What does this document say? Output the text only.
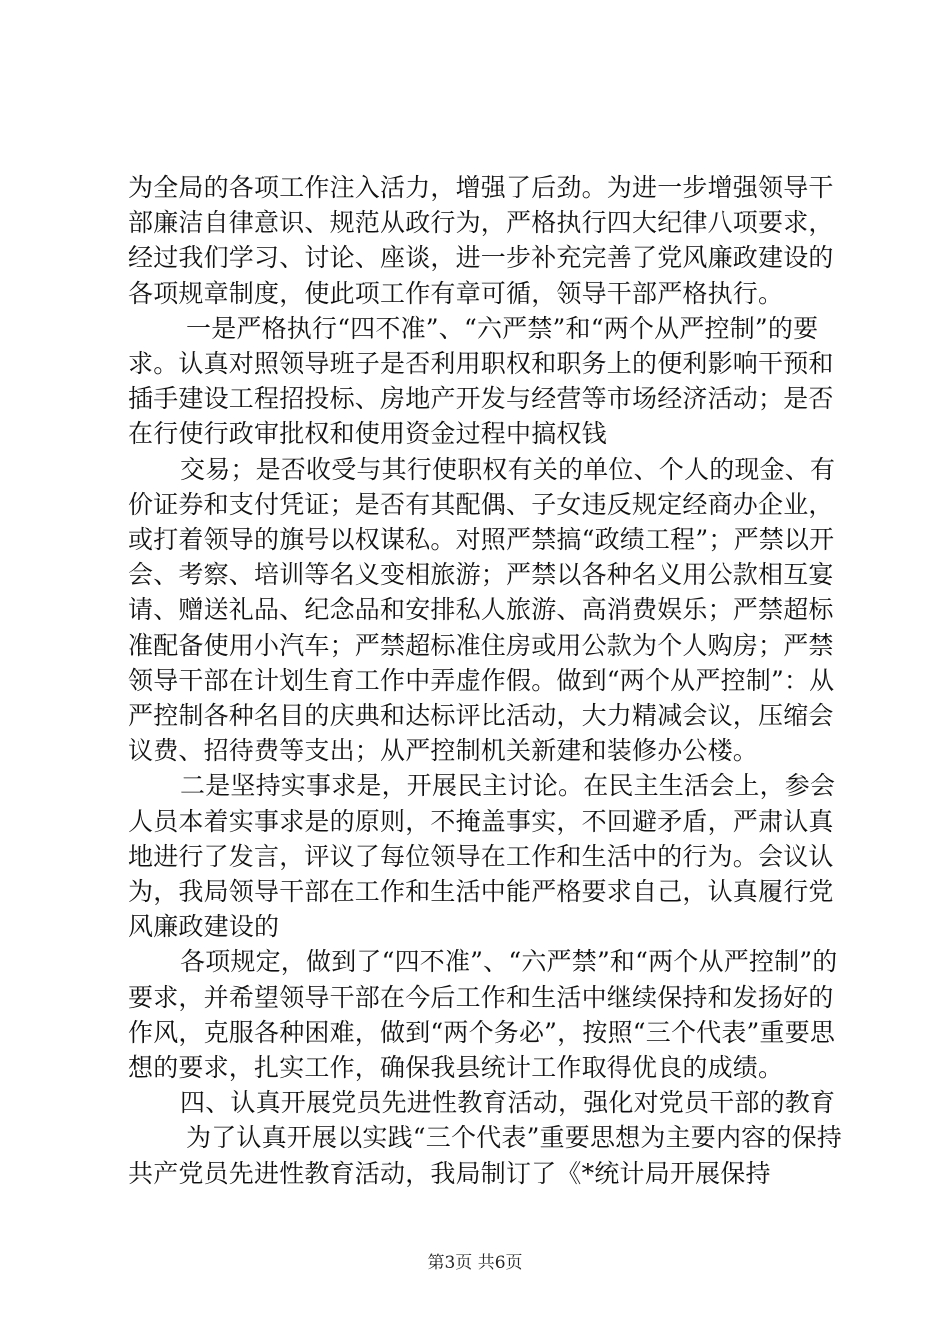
为全局的各项工作注入活力，增强了后劲。为进一步增强领导干部廉洁自律意识、规范从政行为，严格执行四大纪律八项要求，经过我们学习、讨论、座谈，进一步补充完善了党风廉政建设的各项规章制度，使此项工作有章可循，领导干部严格执行。

一是严格执行“四不准”、“六严禁”和“两个从严控制”的要求。认真对照领导班子是否利用职权和职务上的便利影响干预和插手建设工程招投标、房地产开发与经营等市场经济活动；是否在行使行政审批权和使用资金过程中搞权钱

交易；是否收受与其行使职权有关的单位、个人的现金、有价证券和支付凭证；是否有其配偶、子女违反规定经商办企业，或打着领导的旗号以权谋私。对照严禁搞“政绩工程”；严禁以开会、考察、培训等名义变相旅游；严禁以各种名义用公款相互宴请、赠送礼品、纪念品和安排私人旅游、高消费娱乐；严禁超标准配备使用小汽车；严禁超标准住房或用公款为个人购房；严禁领导干部在计划生育工作中弄虚作假。做到“两个从严控制”：从严控制各种名目的庆典和达标评比活动，大力精减会议，压缩会议费、招待费等支出；从严控制机关新建和装修办公楼。

二是坚持实事求是，开展民主讨论。在民主生活会上，参会人员本着实事求是的原则，不掩盖事实，不回避矛盾，严肃认真地进行了发言，评议了每位领导在工作和生活中的行为。会议认为，我局领导干部在工作和生活中能严格要求自己，认真履行党风廉政建设的

各项规定，做到了“四不准”、“六严禁”和“两个从严控制”的要求，并希望领导干部在今后工作和生活中继续保持和发扬好的作风，克服各种困难，做到“两个务必”，按照“三个代表”重要思想的要求，扎实工作，确保我县统计工作取得优良的成绩。

四、认真开展党员先进性教育活动，强化对党员干部的教育

为了认真开展以实践“三个代表”重要思想为主要内容的保持共产党员先进性教育活动，我局制订了《*统计局开展保持

第3页 共6页
